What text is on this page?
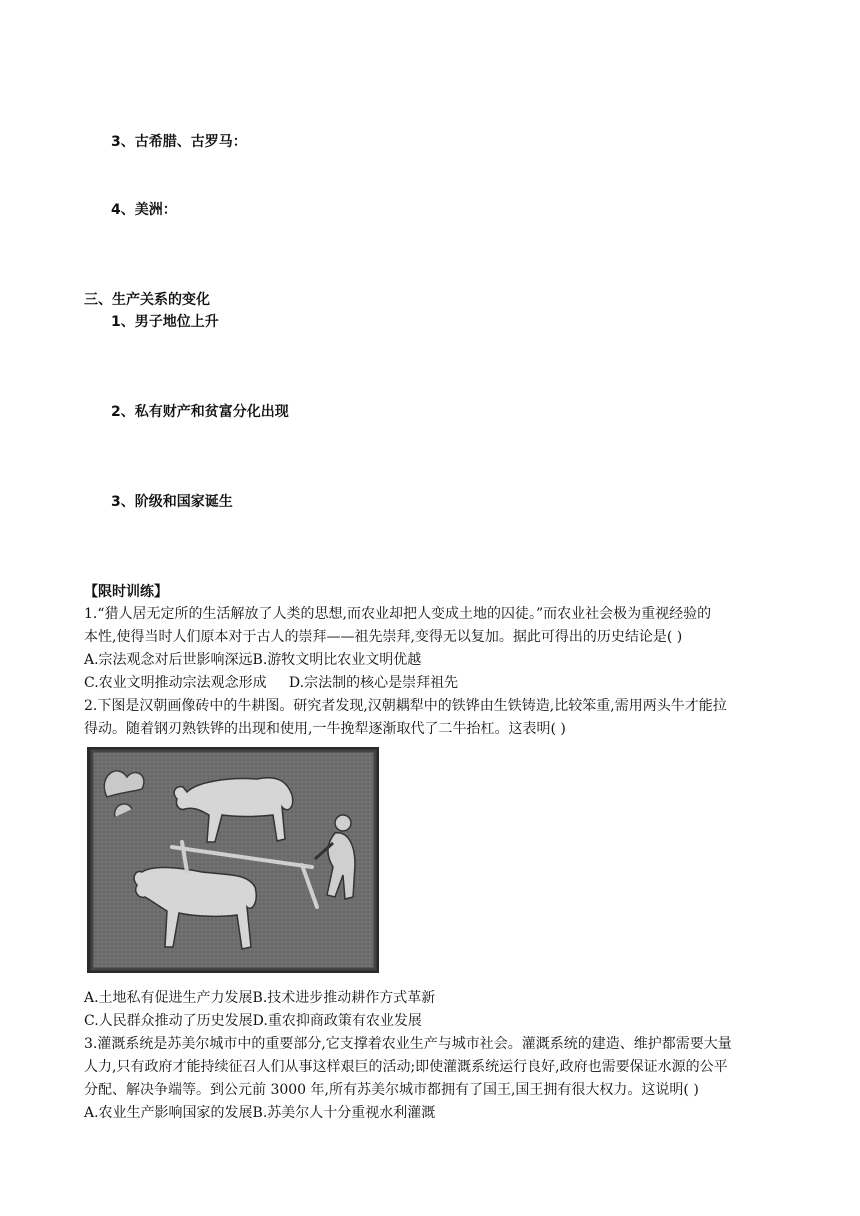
3、古希腊、古罗马：
4、美洲：
三、生产关系的变化
1、男子地位上升
2、私有财产和贫富分化出现
3、阶级和国家诞生
【限时训练】
1.“猎人居无定所的生活解放了人类的思想,而农业却把人变成土地的囚徒。”而农业社会极为重视经验的
本性,使得当时人们原本对于古人的崇拜——祖先崇拜,变得无以复加。据此可得出的历史结论是( )
A.宗法观念对后世影响深远B.游牧文明比农业文明优越
C.农业文明推动宗法观念形成     D.宗法制的核心是崇拜祖先
2.下图是汉朝画像砖中的牛耕图。研究者发现,汉朝耦犁中的铁铧由生铁铸造,比较笨重,需用两头牛才能拉
得动。随着钢刃熟铁铧的出现和使用,一牛挽犁逐渐取代了二牛抬杠。这表明( )
A.土地私有促进生产力发展B.技术进步推动耕作方式革新
C.人民群众推动了历史发展D.重农抑商政策有农业发展
3.灌溉系统是苏美尔城市中的重要部分,它支撑着农业生产与城市社会。灌溉系统的建造、维护都需要大量
人力,只有政府才能持续征召人们从事这样艰巨的活动;即使灌溉系统运行良好,政府也需要保证水源的公平
分配、解决争端等。到公元前 3000 年,所有苏美尔城市都拥有了国王,国王拥有很大权力。这说明( )
A.农业生产影响国家的发展B.苏美尔人十分重视水利灌溉
